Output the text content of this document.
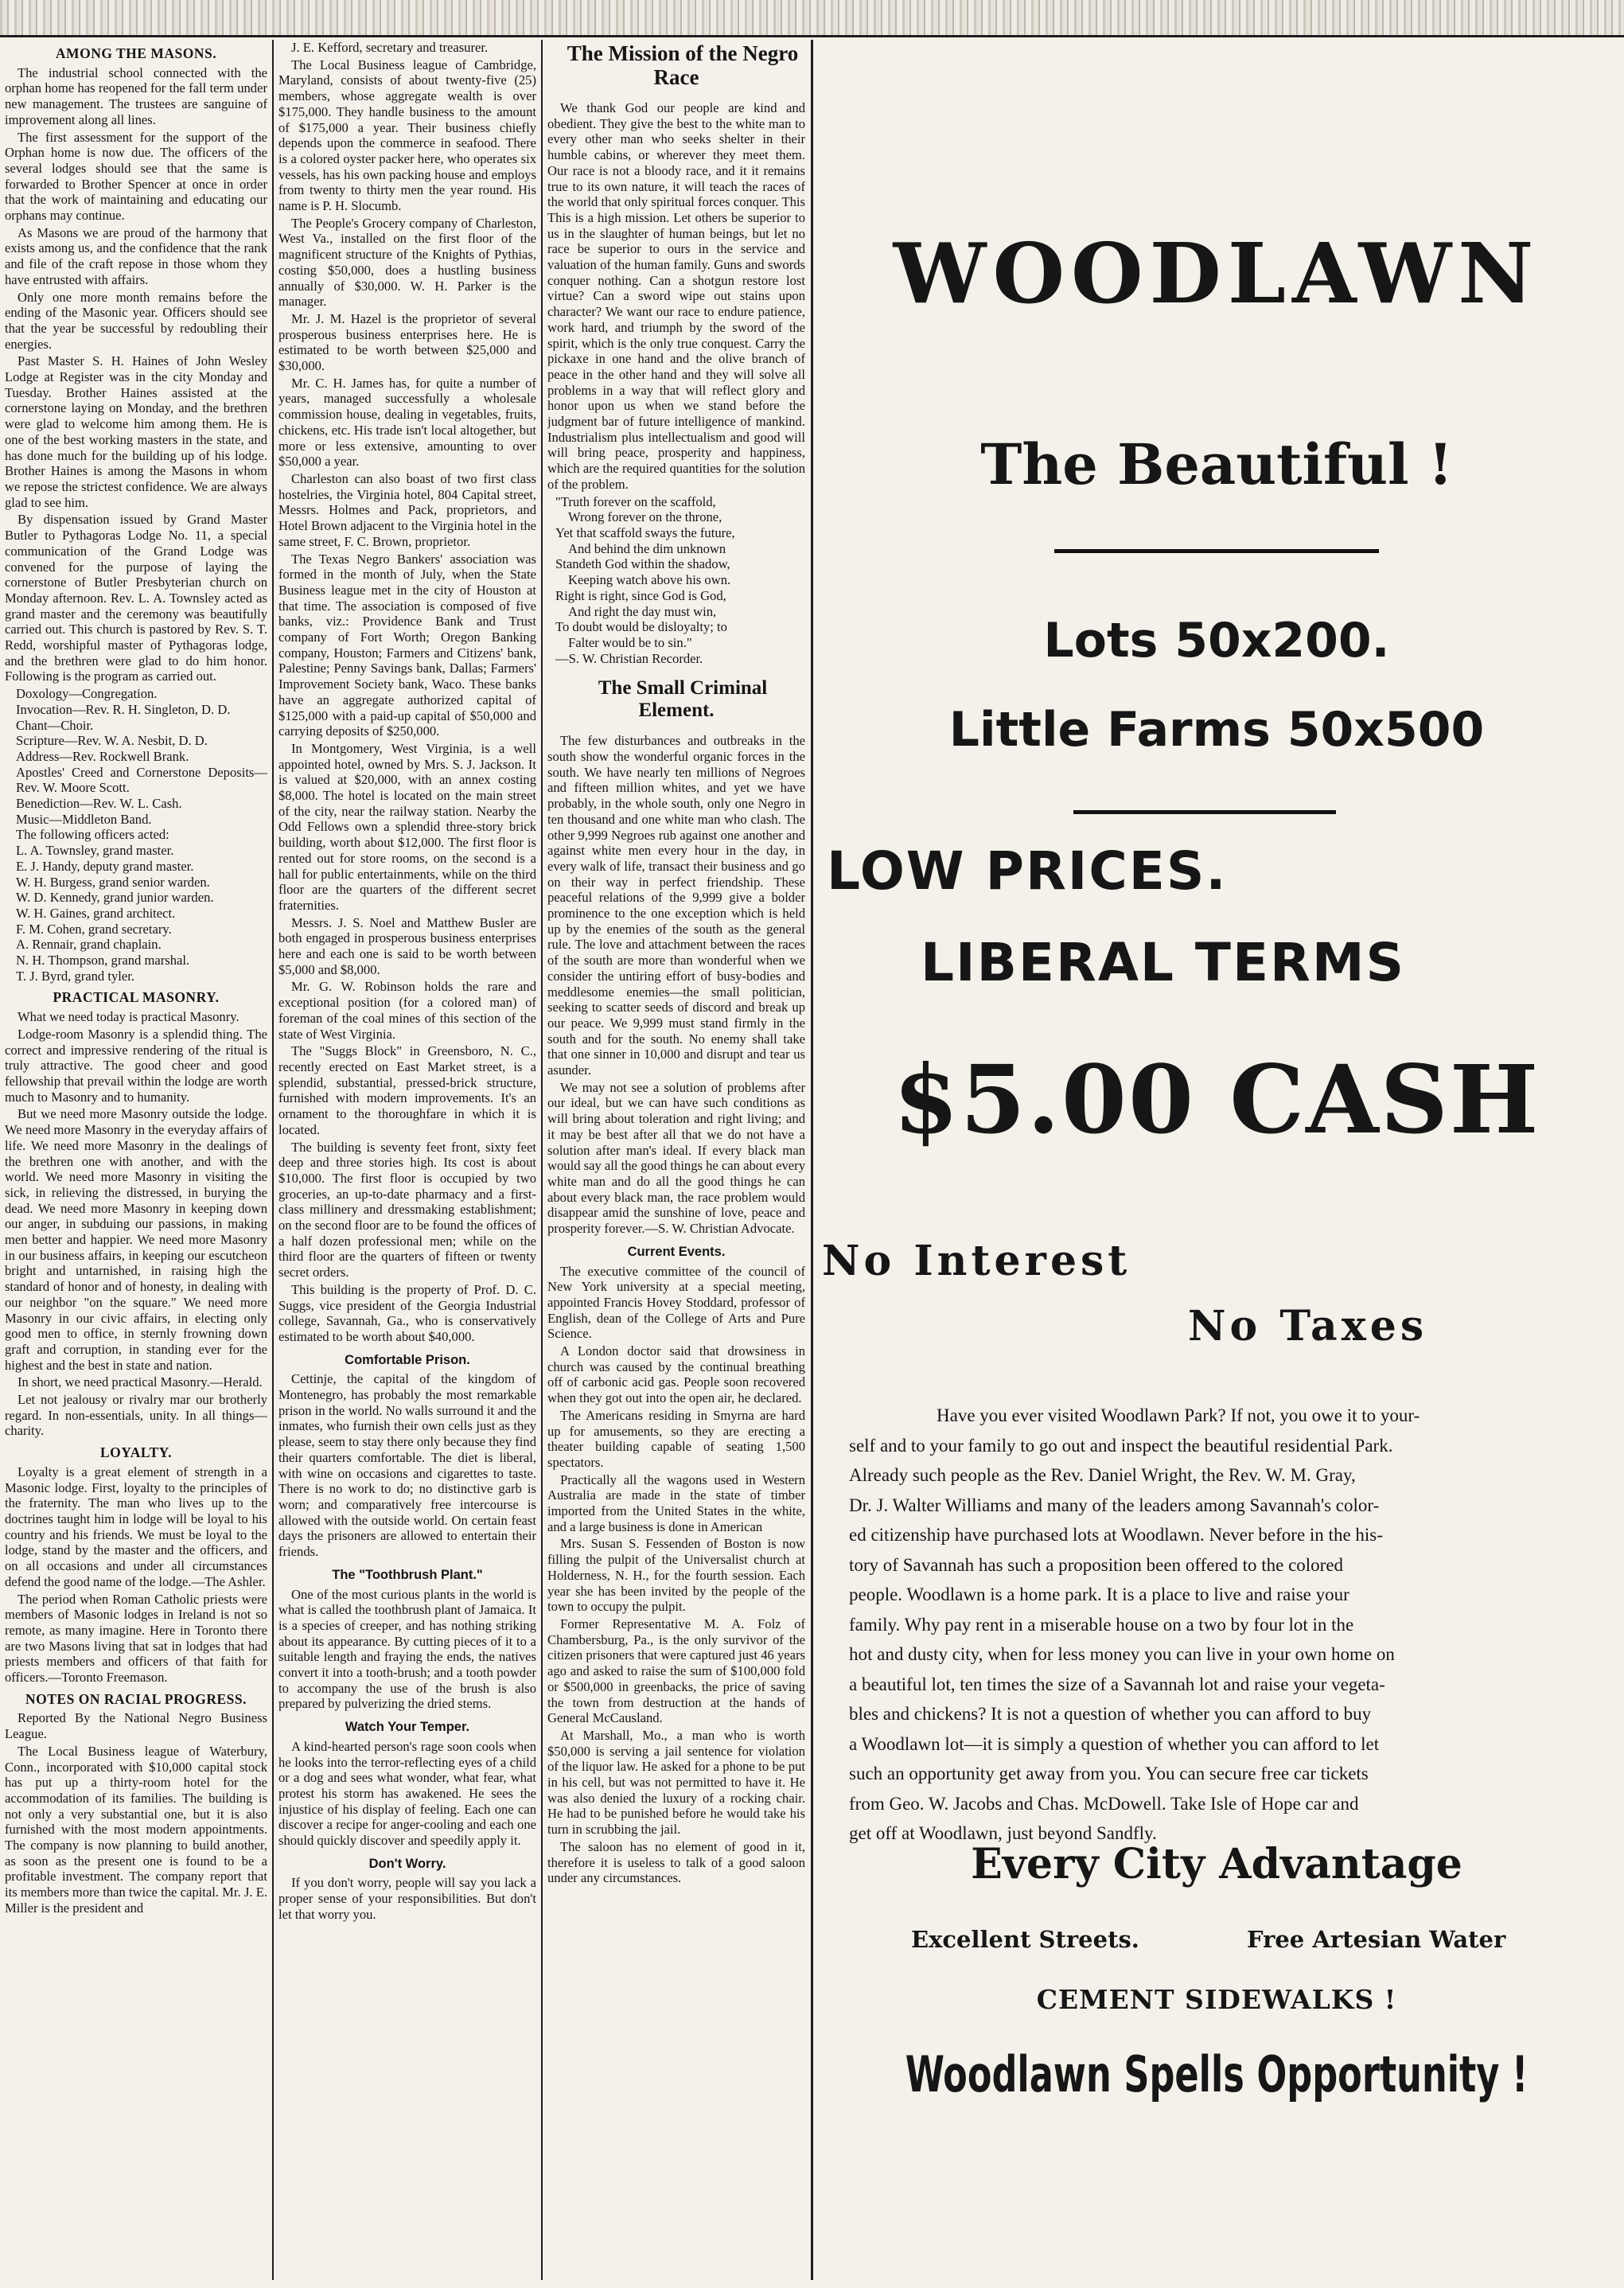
AMONG THE MASONS.

The industrial school connected with the orphan home has reopened for the fall term under new management. The trustees are sanguine of improvement along all lines.

The first assessment for the support of the Orphan home is now due. The officers of the several lodges should see that the same is forwarded to Brother Spencer at once in order that the work of maintaining and educating our orphans may continue.

As Masons we are proud of the harmony that exists among us, and the confidence that the rank and file of the craft repose in those whom they have entrusted with affairs.

Only one more month remains before the ending of the Masonic year. Officers should see that the year be successful by redoubling their energies.

Past Master S. H. Haines of John Wesley Lodge at Register was in the city Monday and Tuesday. Brother Haines assisted at the cornerstone laying on Monday, and the brethren were glad to welcome him among them. He is one of the best working masters in the state, and has done much for the building up of his lodge. Brother Haines is among the Masons in whom we repose the strictest confidence. We are always glad to see him.

By dispensation issued by Grand Master Butler to Pythagoras Lodge No. 11, a special communication of the Grand Lodge was convened for the purpose of laying the cornerstone of Butler Presbyterian church on Monday afternoon. Rev. L. A. Townsley acted as grand master and the ceremony was beautifully carried out. This church is pastored by Rev. S. T. Redd, worshipful master of Pythagoras lodge, and the brethren were glad to do him honor. Following is the program as carried out.

Doxology—Congregation.

Invocation—Rev. R. H. Singleton, D. D.

Chant—Choir.

Scripture—Rev. W. A. Nesbit, D. D.

Address—Rev. Rockwell Brank.

Apostles' Creed and Cornerstone Deposits—Rev. W. Moore Scott.

Benediction—Rev. W. L. Cash.

Music—Middleton Band.

The following officers acted:

L. A. Townsley, grand master.

E. J. Handy, deputy grand master.

W. H. Burgess, grand senior warden.

W. D. Kennedy, grand junior warden.

W. H. Gaines, grand architect.

F. M. Cohen, grand secretary.

A. Rennair, grand chaplain.

N. H. Thompson, grand marshal.

T. J. Byrd, grand tyler.

PRACTICAL MASONRY.

What we need today is practical Masonry.

Lodge-room Masonry is a splendid thing. The correct and impressive rendering of the ritual is truly attractive. The good cheer and good fellowship that prevail within the lodge are worth much to Masonry and to humanity.

But we need more Masonry outside the lodge. We need more Masonry in the everyday affairs of life. We need more Masonry in the dealings of the brethren one with another, and with the world. We need more Masonry in visiting the sick, in relieving the distressed, in burying the dead. We need more Masonry in keeping down our anger, in subduing our passions, in making men better and happier. We need more Masonry in our business affairs, in keeping our escutcheon bright and untarnished, in raising high the standard of honor and of honesty, in dealing with our neighbor "on the square." We need more Masonry in our civic affairs, in electing only good men to office, in sternly frowning down graft and corruption, in standing ever for the highest and the best in state and nation.

In short, we need practical Masonry.—Herald.

Let not jealousy or rivalry mar our brotherly regard. In non-essentials, unity. In all things—charity.

LOYALTY.

Loyalty is a great element of strength in a Masonic lodge. First, loyalty to the principles of the fraternity. The man who lives up to the doctrines taught him in lodge will be loyal to his country and his friends. We must be loyal to the lodge, stand by the master and the officers, and on all occasions and under all circumstances defend the good name of the lodge.—The Ashler.

The period when Roman Catholic priests were members of Masonic lodges in Ireland is not so remote, as many imagine. Here in Toronto there are two Masons living that sat in lodges that had priests members and officers of that faith for officers.—Toronto Freemason.

NOTES ON RACIAL PROGRESS.

Reported By the National Negro Business League.

The Local Business league of Waterbury, Conn., incorporated with $10,000 capital stock has put up a thirty-room hotel for the accommodation of its families. The building is not only a very substantial one, but it is also furnished with the most modern appointments. The company is now planning to build another, as soon as the present one is found to be a profitable investment. The company report that its members more than twice the capital. Mr. J. E. Miller is the president and

J. E. Kefford, secretary and treasurer.

The Local Business league of Cambridge, Maryland, consists of about twenty-five (25) members, whose aggregate wealth is over $175,000. They handle business to the amount of $175,000 a year. Their business chiefly depends upon the commerce in seafood. There is a colored oyster packer here, who operates six vessels, has his own packing house and employs from twenty to thirty men the year round. His name is P. H. Slocumb.

The People's Grocery company of Charleston, West Va., installed on the first floor of the magnificent structure of the Knights of Pythias, costing $50,000, does a hustling business annually of $30,000. W. H. Parker is the manager.

Mr. J. M. Hazel is the proprietor of several prosperous business enterprises here. He is estimated to be worth between $25,000 and $30,000.

Mr. C. H. James has, for quite a number of years, managed successfully a wholesale commission house, dealing in vegetables, fruits, chickens, etc. His trade isn't local altogether, but more or less extensive, amounting to over $50,000 a year.

Charleston can also boast of two first class hostelries, the Virginia hotel, 804 Capital street, Messrs. Holmes and Pack, proprietors, and Hotel Brown adjacent to the Virginia hotel in the same street, F. C. Brown, proprietor.

The Texas Negro Bankers' association was formed in the month of July, when the State Business league met in the city of Houston at that time. The association is composed of five banks, viz.: Providence Bank and Trust company of Fort Worth; Oregon Banking company, Houston; Farmers and Citizens' bank, Palestine; Penny Savings bank, Dallas; Farmers' Improvement Society bank, Waco. These banks have an aggregate authorized capital of $125,000 with a paid-up capital of $50,000 and carrying deposits of $250,000.

In Montgomery, West Virginia, is a well appointed hotel, owned by Mrs. S. J. Jackson. It is valued at $20,000, with an annex costing $8,000. The hotel is located on the main street of the city, near the railway station. Nearby the Odd Fellows own a splendid three-story brick building, worth about $12,000. The first floor is rented out for store rooms, on the second is a hall for public entertainments, while on the third floor are the quarters of the different secret fraternities.

Messrs. J. S. Noel and Matthew Busler are both engaged in prosperous business enterprises here and each one is said to be worth between $5,000 and $8,000.

Mr. G. W. Robinson holds the rare and exceptional position (for a colored man) of foreman of the coal mines of this section of the state of West Virginia.

The "Suggs Block" in Greensboro, N. C., recently erected on East Market street, is a splendid, substantial, pressed-brick structure, furnished with modern improvements. It's an ornament to the thoroughfare in which it is located.

The building is seventy feet front, sixty feet deep and three stories high. Its cost is about $10,000. The first floor is occupied by two groceries, an up-to-date pharmacy and a first-class millinery and dressmaking establishment; on the second floor are to be found the offices of a half dozen professional men; while on the third floor are the quarters of fifteen or twenty secret orders.

This building is the property of Prof. D. C. Suggs, vice president of the Georgia Industrial college, Savannah, Ga., who is conservatively estimated to be worth about $40,000.

Comfortable Prison.

Cettinje, the capital of the kingdom of Montenegro, has probably the most remarkable prison in the world. No walls surround it and the inmates, who furnish their own cells just as they please, seem to stay there only because they find their quarters comfortable. The diet is liberal, with wine on occasions and cigarettes to taste. There is no work to do; no distinctive garb is worn; and comparatively free intercourse is allowed with the outside world. On certain feast days the prisoners are allowed to entertain their friends.

The "Toothbrush Plant."

One of the most curious plants in the world is what is called the toothbrush plant of Jamaica. It is a species of creeper, and has nothing striking about its appearance. By cutting pieces of it to a suitable length and fraying the ends, the natives convert it into a tooth-brush; and a tooth powder to accompany the use of the brush is also prepared by pulverizing the dried stems.

Watch Your Temper.

A kind-hearted person's rage soon cools when he looks into the terror-reflecting eyes of a child or a dog and sees what wonder, what fear, what protest his storm has awakened. He sees the injustice of his display of feeling. Each one can discover a recipe for anger-cooling and each one should quickly discover and speedily apply it.

Don't Worry.

If you don't worry, people will say you lack a proper sense of your responsibilities. But don't let that worry you.

The Mission of the Negro Race

We thank God our people are kind and obedient. They give the best to the white man to every other man who seeks shelter in their humble cabins, or wherever they meet them. Our race is not a bloody race, and it it remains true to its own nature, it will teach the races of the world that only spiritual forces conquer. This This is a high mission. Let others be superior to us in the slaughter of human beings, but let no race be superior to ours in the service and valuation of the human family. Guns and swords conquer nothing. Can a shotgun restore lost virtue? Can a sword wipe out stains upon character? We want our race to endure patience, work hard, and triumph by the sword of the spirit, which is the only true conquest. Carry the pickaxe in one hand and the olive branch of peace in the other hand and they will solve all problems in a way that will reflect glory and honor upon us when we stand before the judgment bar of future intelligence of mankind. Industrialism plus intellectualism and good will will bring peace, prosperity and happiness, which are the required quantities for the solution of the problem.

"Truth forever on the scaffold,

Wrong forever on the throne,

Yet that scaffold sways the future,

And behind the dim unknown

Standeth God within the shadow,

Keeping watch above his own.

Right is right, since God is God,

And right the day must win,

To doubt would be disloyalty; to

Falter would be to sin."

—S. W. Christian Recorder.

The Small Criminal Element.

The few disturbances and outbreaks in the south show the wonderful organic forces in the south. We have nearly ten millions of Negroes and fifteen million whites, and yet we have probably, in the whole south, only one Negro in ten thousand and one white man who clash. The other 9,999 Negroes rub against one another and against white men every hour in the day, in every walk of life, transact their business and go on their way in perfect friendship. These peaceful relations of the 9,999 give a bolder prominence to the one exception which is held up by the enemies of the south as the general rule. The love and attachment between the races of the south are more than wonderful when we consider the untiring effort of busy-bodies and meddlesome enemies—the small politician, seeking to scatter seeds of discord and break up our peace. We 9,999 must stand firmly in the south and for the south. No enemy shall take that one sinner in 10,000 and disrupt and tear us asunder.

We may not see a solution of problems after our ideal, but we can have such conditions as will bring about toleration and right living; and it may be best after all that we do not have a solution after man's ideal. If every black man would say all the good things he can about every white man and do all the good things he can about every black man, the race problem would disappear amid the sunshine of love, peace and prosperity forever.—S. W. Christian Advocate.

Current Events.

The executive committee of the council of New York university at a special meeting, appointed Francis Hovey Stoddard, professor of English, dean of the College of Arts and Pure Science.

A London doctor said that drowsiness in church was caused by the continual breathing off of carbonic acid gas. People soon recovered when they got out into the open air, he declared.

The Americans residing in Smyrna are hard up for amusements, so they are erecting a theater building capable of seating 1,500 spectators.

Practically all the wagons used in Western Australia are made in the state of timber imported from the United States in the white, and a large business is done in American

Mrs. Susan S. Fessenden of Boston is now filling the pulpit of the Universalist church at Holderness, N. H., for the fourth session. Each year she has been invited by the people of the town to occupy the pulpit.

Former Representative M. A. Folz of Chambersburg, Pa., is the only survivor of the citizen prisoners that were captured just 46 years ago and asked to raise the sum of $100,000 fold or $500,000 in greenbacks, the price of saving the town from destruction at the hands of General McCausland.

At Marshall, Mo., a man who is worth $50,000 is serving a jail sentence for violation of the liquor law. He asked for a phone to be put in his cell, but was not permitted to have it. He was also denied the luxury of a rocking chair. He had to be punished before he would take his turn in scrubbing the jail.

The saloon has no element of good in it, therefore it is useless to talk of a good saloon under any circumstances.

WOODLAWN
The Beautiful !
Lots 50x200.
Little Farms 50x500
LOW PRICES.
LIBERAL TERMS
$5.00 CASH
No Interest
No Taxes
Have you ever visited Woodlawn Park? If not, you owe it to your-
self and to your family to go out and inspect the beautiful residential Park.
Already such people as the Rev. Daniel Wright, the Rev. W. M. Gray,
Dr. J. Walter Williams and many of the leaders among Savannah's color-
ed citizenship have purchased lots at Woodlawn. Never before in the his-
tory of Savannah has such a proposition been offered to the colored
people. Woodlawn is a home park. It is a place to live and raise your
family. Why pay rent in a miserable house on a two by four lot in the
hot and dusty city, when for less money you can live in your own home on
a beautiful lot, ten times the size of a Savannah lot and raise your vegeta-
bles and chickens? It is not a question of whether you can afford to buy
a Woodlawn lot—it is simply a question of whether you can afford to let
such an opportunity get away from you. You can secure free car tickets
from Geo. W. Jacobs and Chas. McDowell. Take Isle of Hope car and
get off at Woodlawn, just beyond Sandfly.
Every City Advantage
Excellent Streets.	Free Artesian Water
CEMENT SIDEWALKS !
Woodlawn Spells Opportunity !
